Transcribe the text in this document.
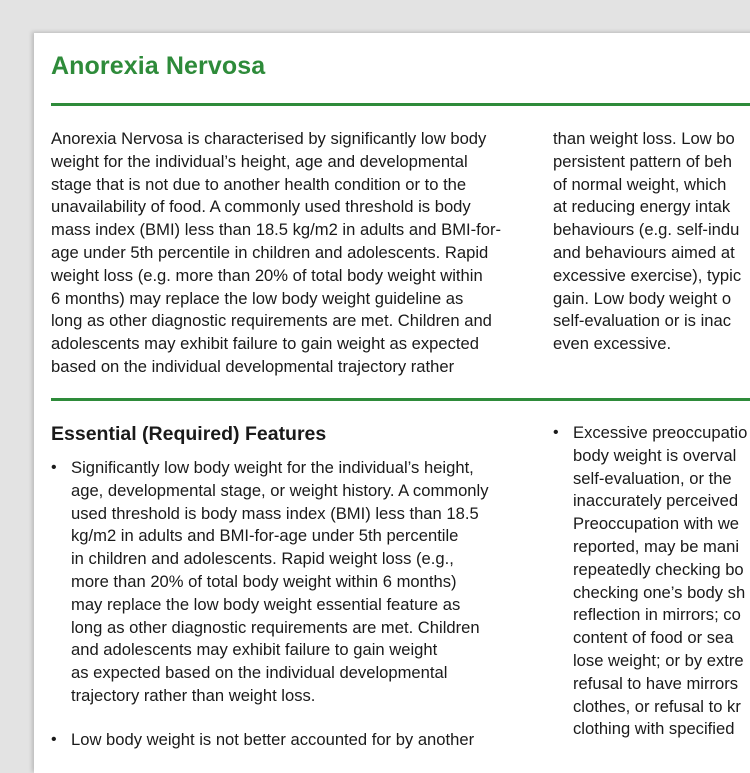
Anorexia Nervosa

Anorexia Nervosa is characterised by significantly low body
weight for the individual’s height, age and developmental
stage that is not due to another health condition or to the
unavailability of food. A commonly used threshold is body
mass index (BMI) less than 18.5 kg/m2 in adults and BMI-for-
age under 5th percentile in children and adolescents. Rapid
weight loss (e.g. more than 20% of total body weight within
6 months) may replace the low body weight guideline as
long as other diagnostic requirements are met. Children and
adolescents may exhibit failure to gain weight as expected
based on the individual developmental trajectory rather

than weight loss. Low bo
persistent pattern of beh
of normal weight, which
at reducing energy intak
behaviours (e.g. self-indu
and behaviours aimed at
excessive exercise), typic
gain. Low body weight o
self-evaluation or is inac
even excessive.

Essential (Required) Features
• Significantly low body weight for the individual’s height,
age, developmental stage, or weight history. A commonly
used threshold is body mass index (BMI) less than 18.5
kg/m2 in adults and BMI-for-age under 5th percentile
in children and adolescents. Rapid weight loss (e.g.,
more than 20% of total body weight within 6 months)
may replace the low body weight essential feature as
long as other diagnostic requirements are met. Children
and adolescents may exhibit failure to gain weight
as expected based on the individual developmental
trajectory rather than weight loss.
• Low body weight is not better accounted for by another
• Excessive preoccupatio
body weight is overval
self-evaluation, or the
inaccurately perceived
Preoccupation with we
reported, may be mani
repeatedly checking bo
checking one’s body sh
reflection in mirrors; co
content of food or sea
lose weight; or by extre
refusal to have mirrors
clothes, or refusal to kr
clothing with specified
